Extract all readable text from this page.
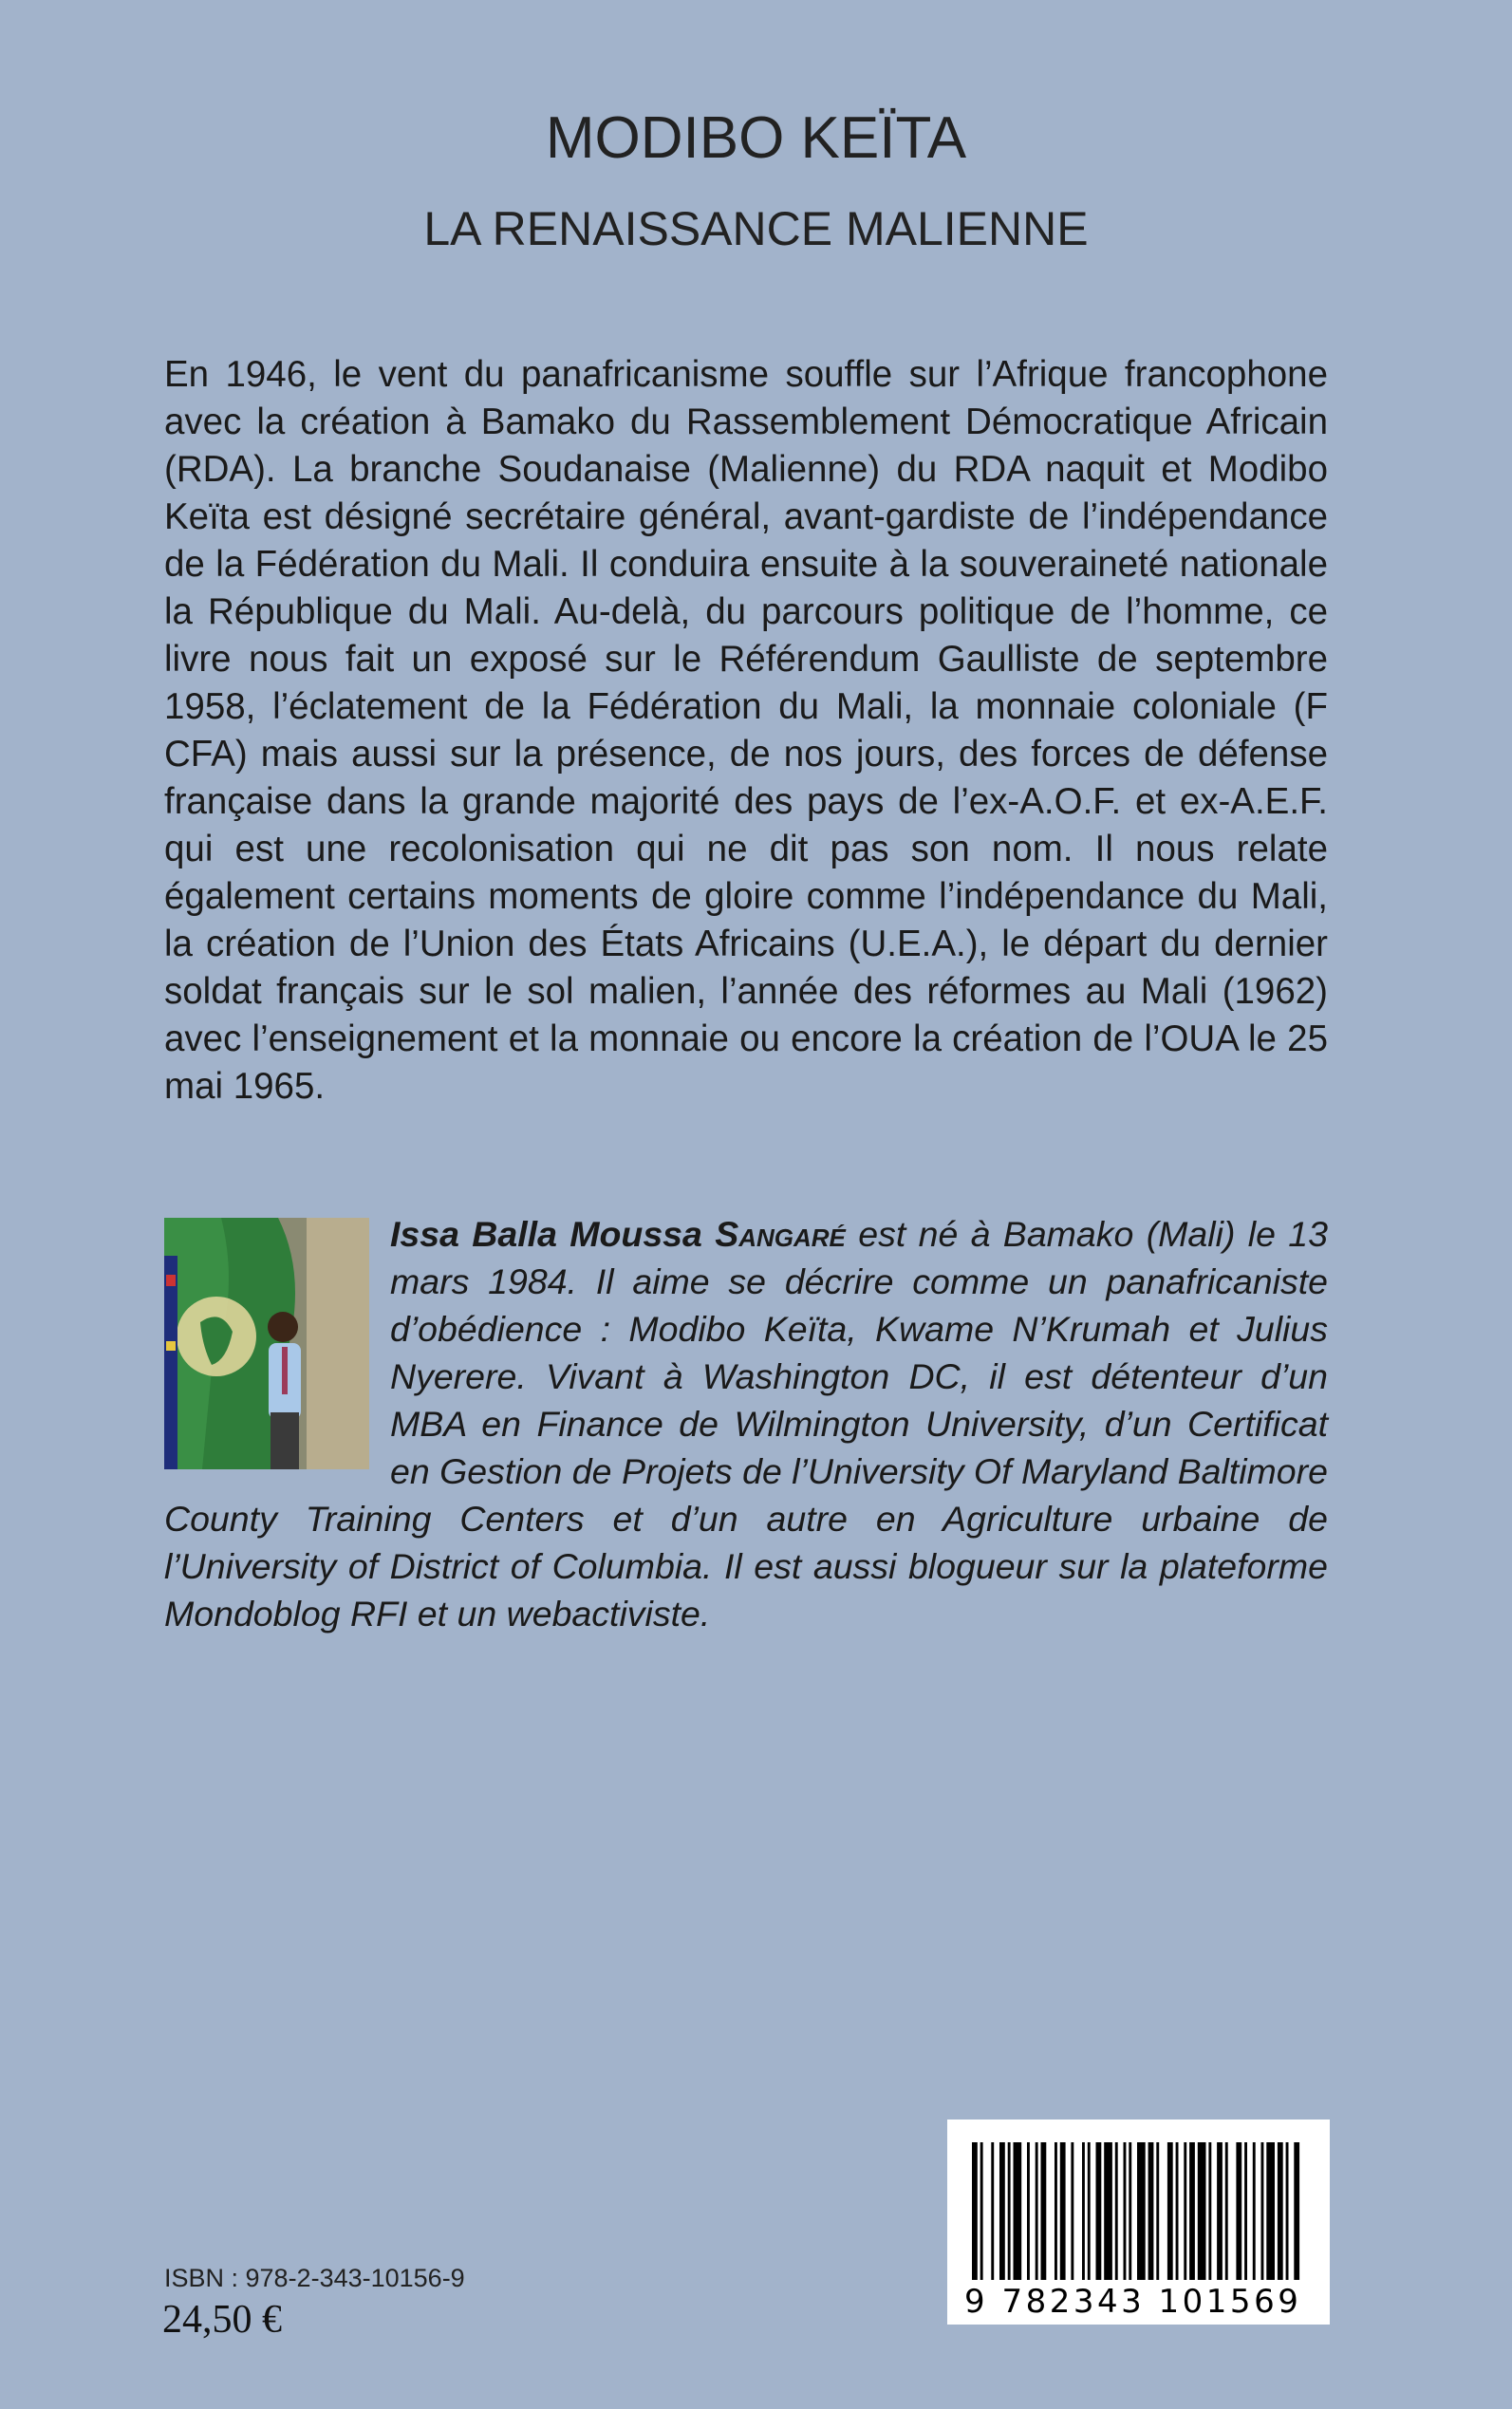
MODIBO KEÏTA
LA RENAISSANCE MALIENNE

En 1946, le vent du panafricanisme souffle sur l’Afrique francophone avec la création à Bamako du Rassemblement Démocratique Africain (RDA). La branche Soudanaise (Malienne) du RDA naquit et Modibo Keïta est désigné secrétaire général, avant-gardiste de l’indépendance de la Fédération du Mali. Il conduira ensuite à la souveraineté nationale la République du Mali. Au-delà, du parcours politique de l’homme, ce livre nous fait un exposé sur le Référendum Gaulliste de septembre 1958, l’éclatement de la Fédération du Mali, la monnaie coloniale (F CFA) mais aussi sur la présence, de nos jours, des forces de défense française dans la grande majorité des pays de l’ex-A.O.F. et ex-A.E.F. qui est une recolonisation qui ne dit pas son nom. Il nous relate également certains moments de gloire comme l’indépendance du Mali, la création de l’Union des États Africains (U.E.A.), le départ du dernier soldat français sur le sol malien, l’année des réformes au Mali (1962) avec l’enseignement et la monnaie ou encore la création de l’OUA le 25 mai 1965.

Issa Balla Moussa Sangaré est né à Bamako (Mali) le 13 mars 1984. Il aime se décrire comme un panafricaniste d’obédience : Modibo Keïta, Kwame N’Krumah et Julius Nyerere. Vivant à Washington DC, il est détenteur d’un MBA en Finance de Wilmington University, d’un Certificat en Gestion de Projets de l’University Of Maryland Baltimore County Training Centers et d’un autre en Agriculture urbaine de l’University of District of Columbia. Il est aussi blogueur sur la plateforme Mondoblog RFI et un webactiviste.
9 782343 101569

ISBN : 978-2-343-10156-9

24,50 €
